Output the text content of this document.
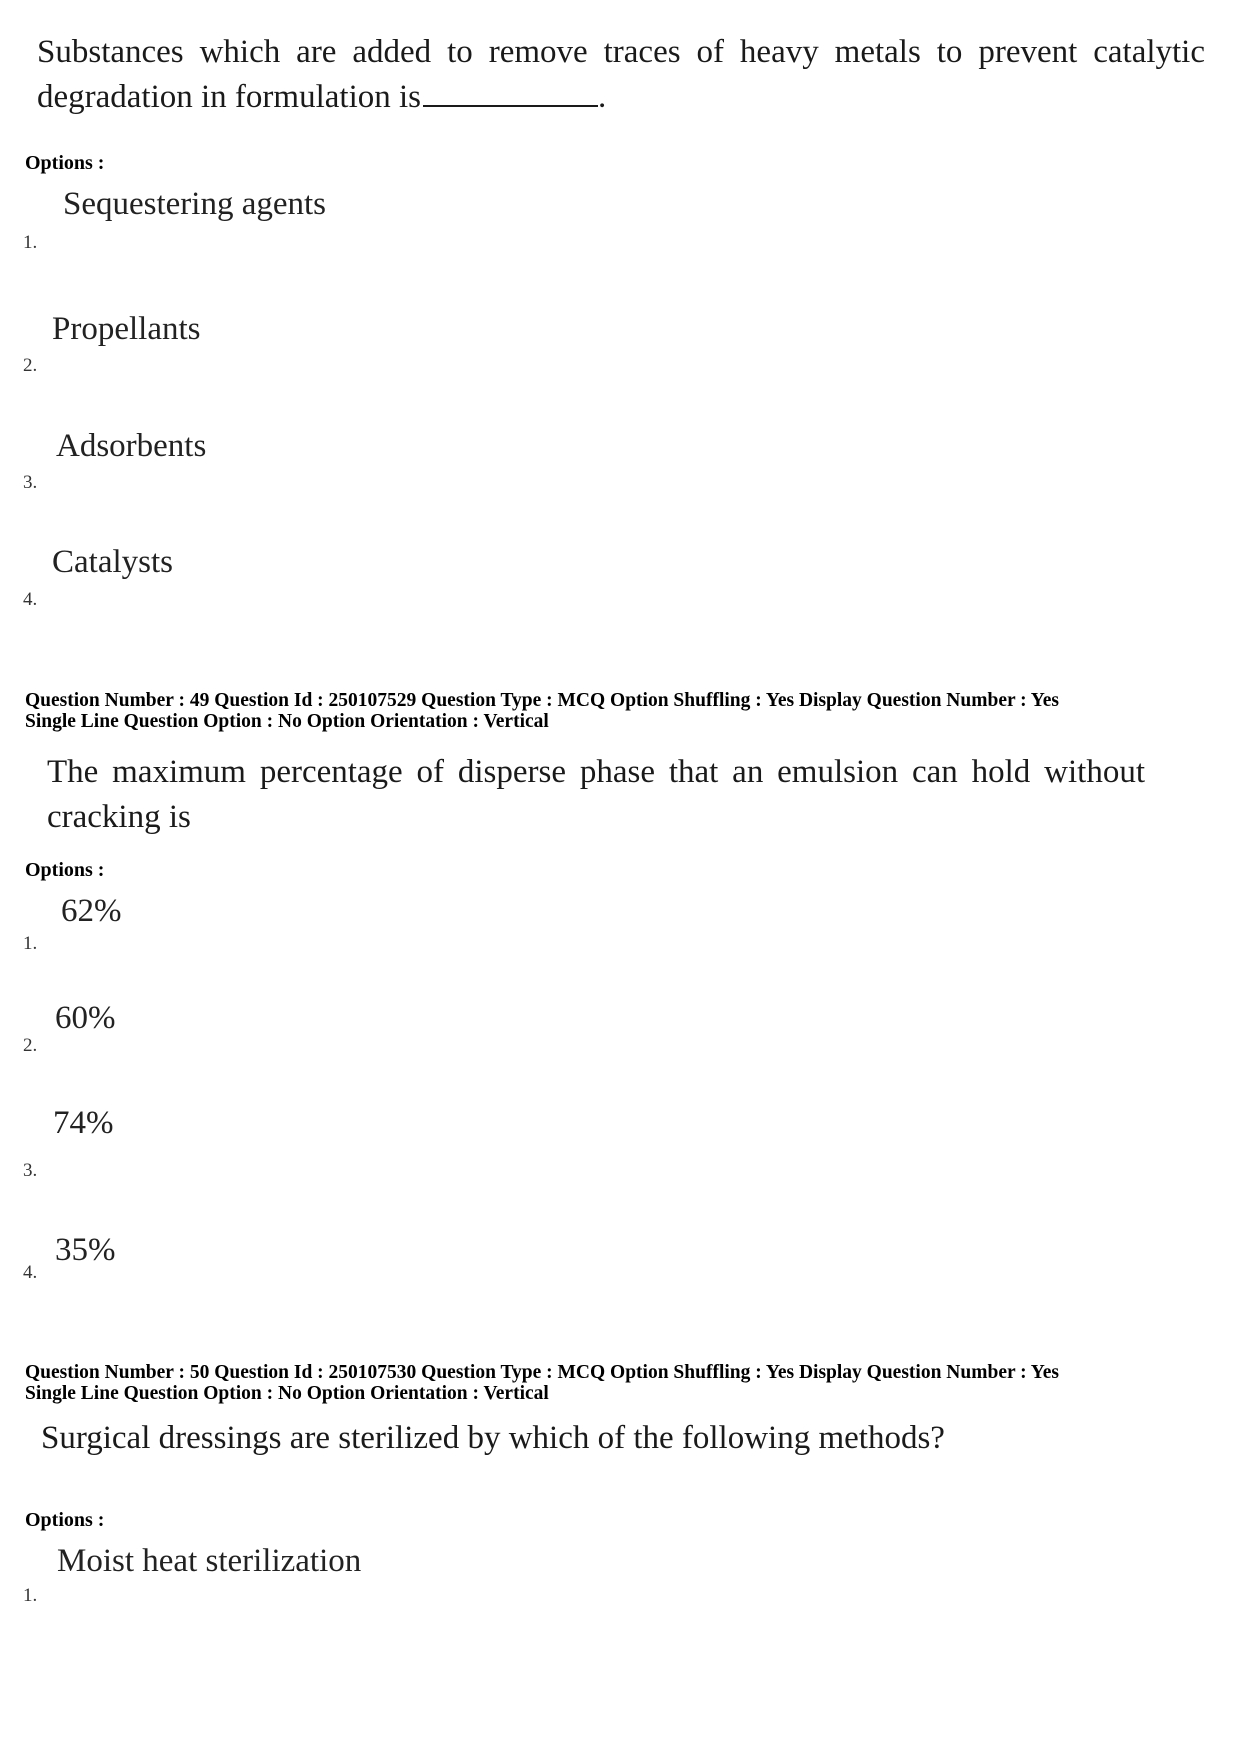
Substances which are added to remove traces of heavy metals to prevent catalytic degradation in formulation is	.
Options :
Sequestering agents
1.
Propellants
2.
Adsorbents
3.
Catalysts
4.
Question Number : 49 Question Id : 250107529 Question Type : MCQ Option Shuffling : Yes Display Question Number : Yes
Single Line Question Option : No Option Orientation : Vertical
The maximum percentage of disperse phase that an emulsion can hold without cracking is
Options :
62%
1.
60%
2.
74%
3.
35%
4.
Question Number : 50 Question Id : 250107530 Question Type : MCQ Option Shuffling : Yes Display Question Number : Yes
Single Line Question Option : No Option Orientation : Vertical
Surgical dressings are sterilized by which of the following methods?
Options :
Moist heat sterilization
1.
